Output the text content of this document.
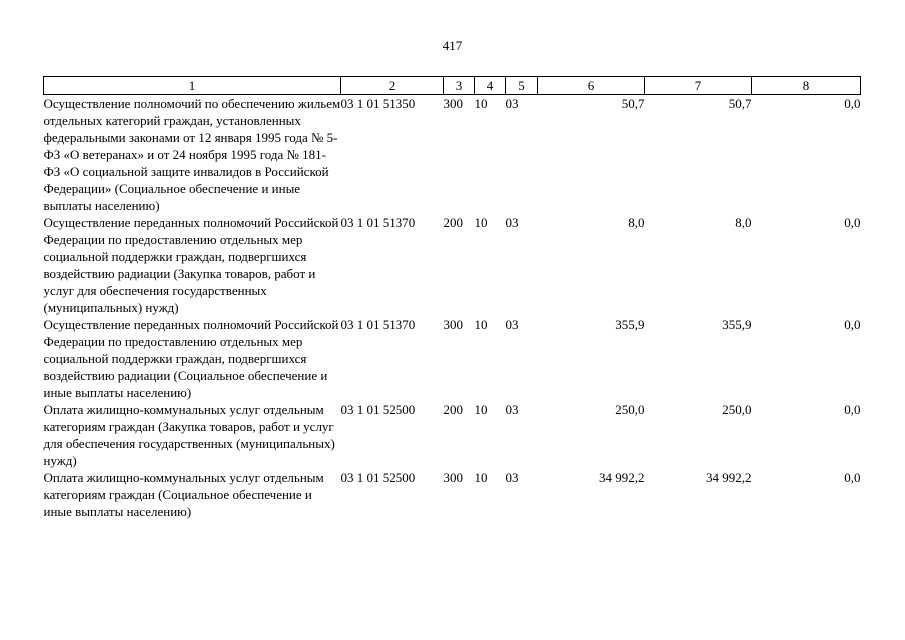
417
1	2	3	4	5	6	7	8
Осуществление полномочий по обеспечению жильем отдельных категорий граждан, установленных федеральными законами от 12 января 1995 года № 5-ФЗ «О ветеранах» и от 24 ноября 1995 года № 181-ФЗ «О социальной защите инвалидов в Российской Федерации» (Социальное обеспечение и иные выплаты населению)	03 1 01 51350	300	10	03	50,7	50,7	0,0
Осуществление переданных полномочий Российской Федерации по предоставлению отдельных мер социальной поддержки граждан, подвергшихся воздействию радиации (Закупка товаров, работ и услуг для обеспечения государственных (муниципальных) нужд)	03 1 01 51370	200	10	03	8,0	8,0	0,0
Осуществление переданных полномочий Российской Федерации по предоставлению отдельных мер социальной поддержки граждан, подвергшихся воздействию радиации (Социальное обеспечение и иные выплаты населению)	03 1 01 51370	300	10	03	355,9	355,9	0,0
Оплата жилищно-коммунальных услуг отдельным категориям граждан (Закупка товаров, работ и услуг для обеспечения государственных (муниципальных) нужд)	03 1 01 52500	200	10	03	250,0	250,0	0,0
Оплата жилищно-коммунальных услуг отдельным категориям граждан (Социальное обеспечение и иные выплаты населению)	03 1 01 52500	300	10	03	34 992,2	34 992,2	0,0
